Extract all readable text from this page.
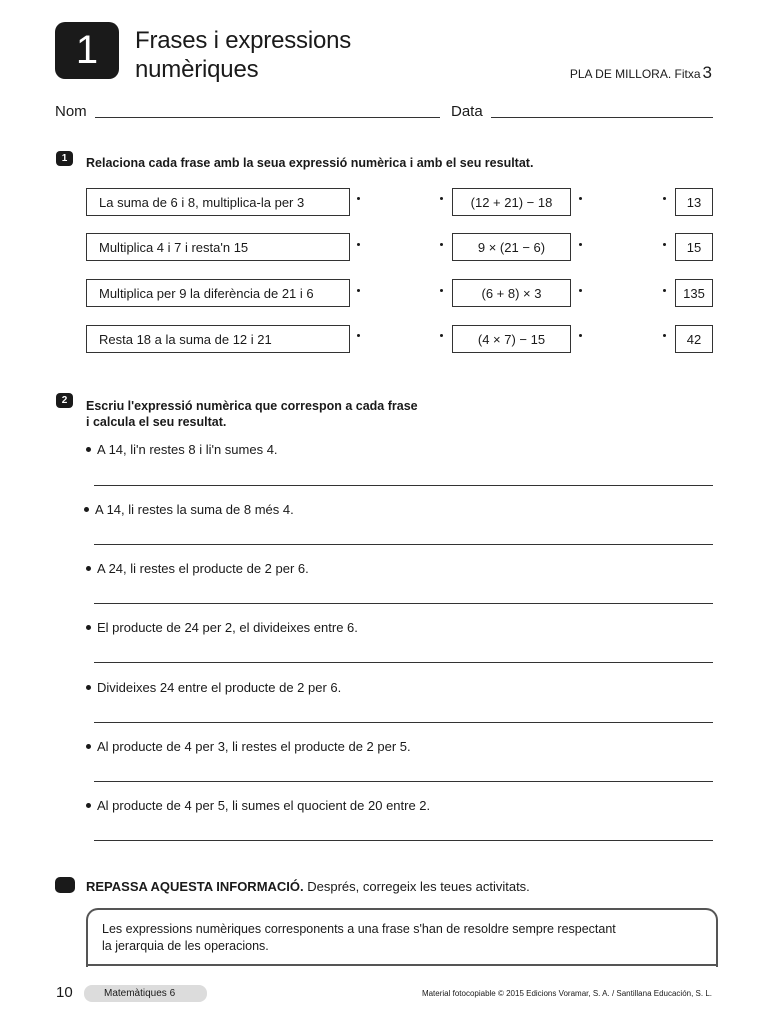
1	Frases i expressions
numèriques	PLA DE MILLORA. Fitxa 3
Nom	Data
1	Relaciona cada frase amb la seua expressió numèrica i amb el seu resultat.
La suma de 6 i 8, multiplica-la per 3	(12 + 21) − 18	13
Multiplica 4 i 7 i resta'n 15	9 × (21 − 6)	15
Multiplica per 9 la diferència de 21 i 6	(6 + 8) × 3	135
Resta 18 a la suma de 12 i 21	(4 × 7) − 15	42
2	Escriu l'expressió numèrica que correspon a cada frase
i calcula el seu resultat.
A 14, li'n restes 8 i li'n sumes 4.
A 14, li restes la suma de 8 més 4.
A 24, li restes el producte de 2 per 6.
El producte de 24 per 2, el divideixes entre 6.
Divideixes 24 entre el producte de 2 per 6.
Al producte de 4 per 3, li restes el producte de 2 per 5.
Al producte de 4 per 5, li sumes el quocient de 20 entre 2.
REPASSA AQUESTA INFORMACIÓ. Després, corregeix les teues activitats.
Les expressions numèriques corresponents a una frase s'han de resoldre sempre respectant
la jerarquia de les operacions.
10	Matemàtiques 6	Material fotocopiable © 2015 Edicions Voramar, S. A. / Santillana Educación, S. L.
